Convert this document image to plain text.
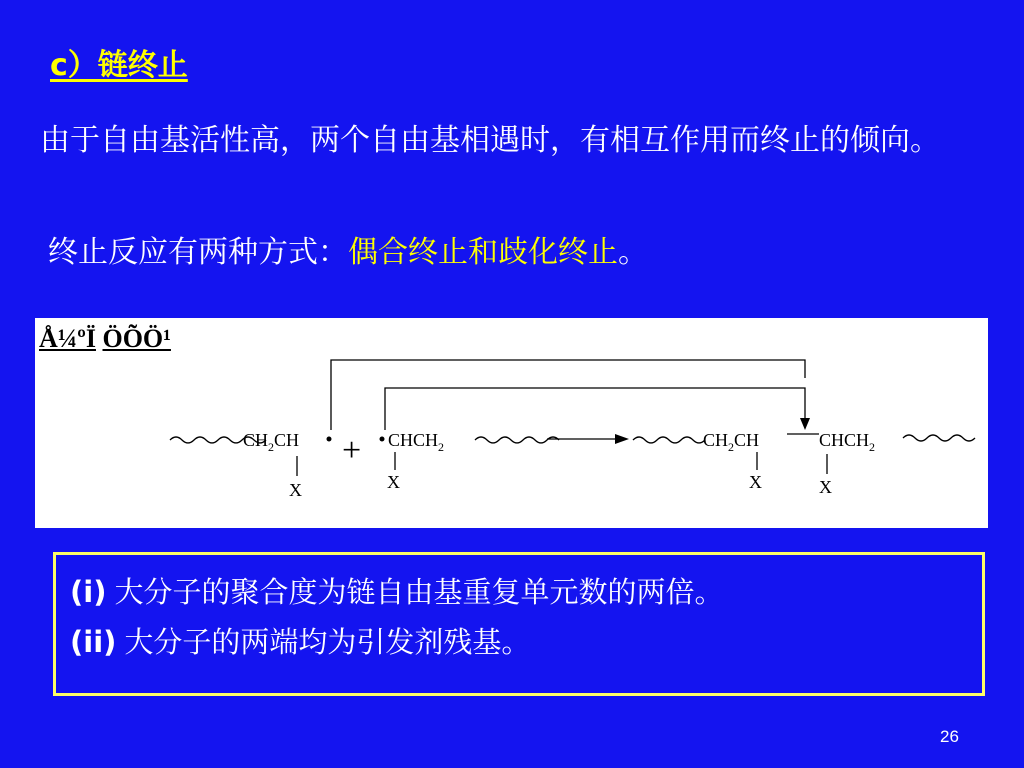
c）链终止
由于自由基活性高，两个自由基相遇时，有相互作用而终止的倾向。
终止反应有两种方式：偶合终止和歧化终止。
Å¼ºÏ ÖÕÖ¹
$CH_2CH$ + $CHCH_2$	$CH_2CH$	$CHCH_2$
X	X	X	X
(i) 大分子的聚合度为链自由基重复单元数的两倍。
(ii) 大分子的两端均为引发剂残基。
26
